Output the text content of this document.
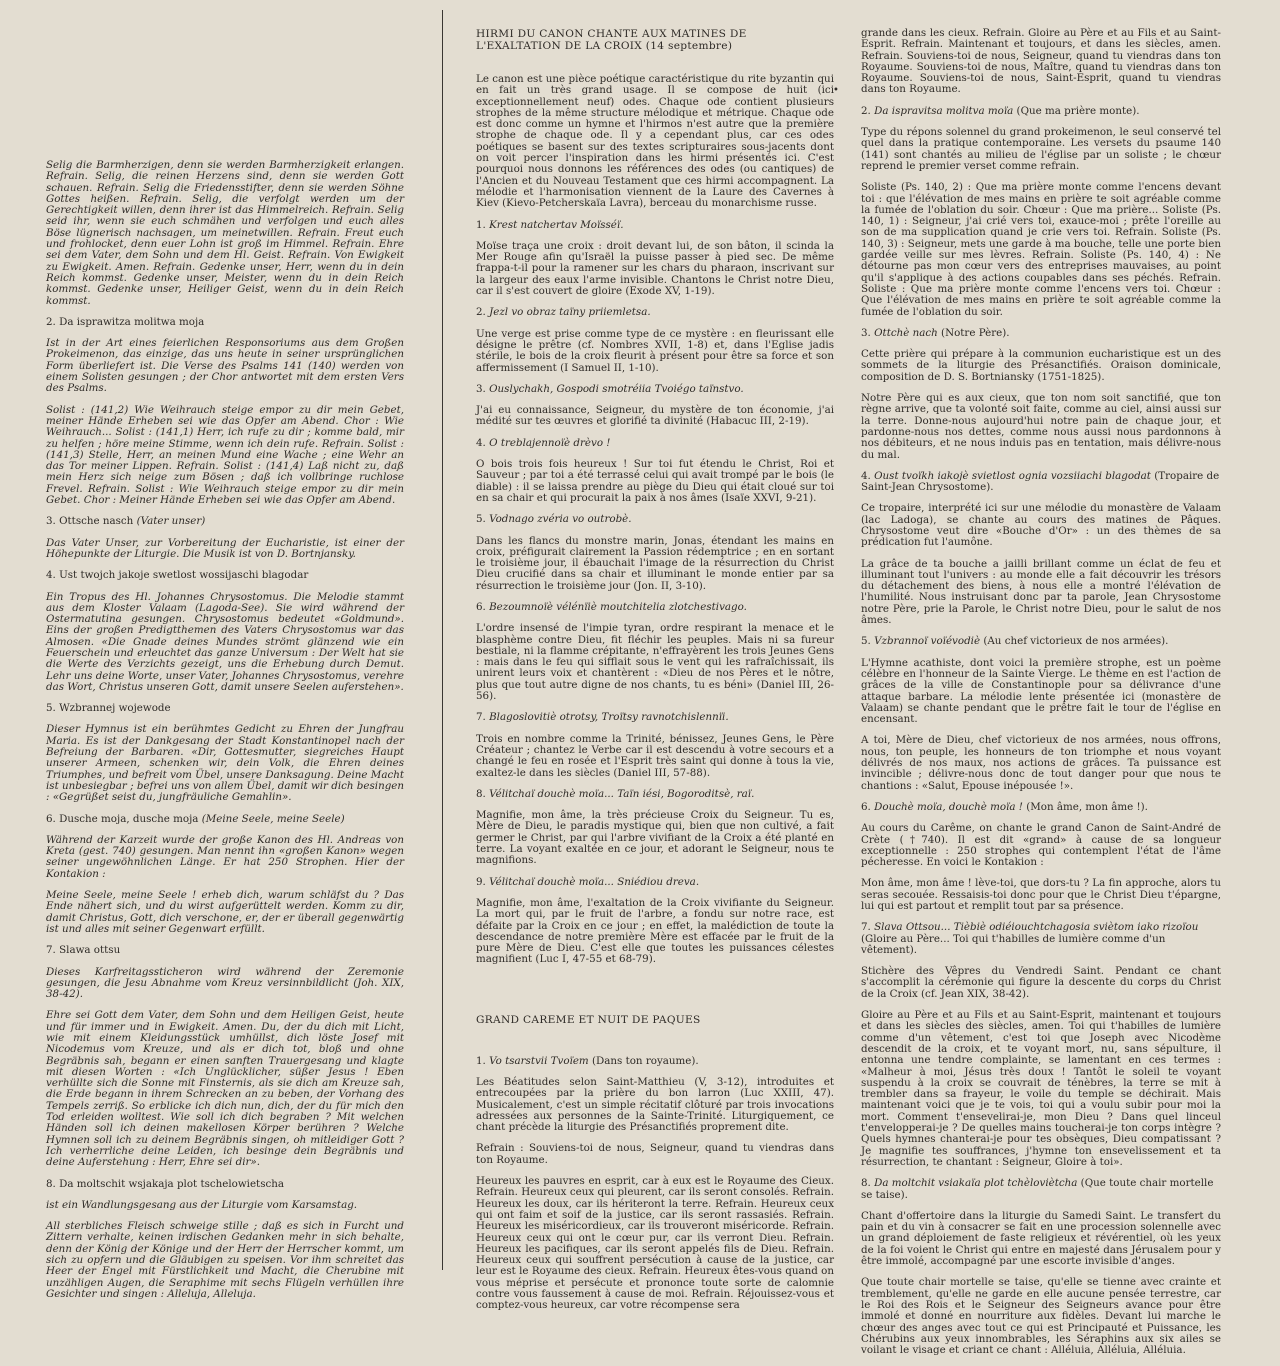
Selig die Barmherzigen, denn sie werden Barmherzigkeit erlangen. Refrain. Selig, die reinen Herzens sind, denn sie werden Gott schauen. Refrain. Selig die Friedensstifter, denn sie werden Söhne Gottes heißen. Refrain. Selig, die verfolgt werden um der Gerechtigkeit willen, denn ihrer ist das Himmelreich. Refrain. Selig seid ihr, wenn sie euch schmähen und verfolgen und euch alles Böse lügnerisch nachsagen, um meinetwillen. Refrain. Freut euch und frohlocket, denn euer Lohn ist groß im Himmel. Refrain. Ehre sei dem Vater, dem Sohn und dem Hl. Geist. Refrain. Von Ewigkeit zu Ewigkeit. Amen. Refrain. Gedenke unser, Herr, wenn du in dein Reich kommst. Gedenke unser, Meister, wenn du in dein Reich kommst. Gedenke unser, Heiliger Geist, wenn du in dein Reich kommst.

2. Da isprawitza molitwa moja

Ist in der Art eines feierlichen Responsoriums aus dem Großen Prokeimenon, das einzige, das uns heute in seiner ursprünglichen Form überliefert ist. Die Verse des Psalms 141 (140) werden von einem Solisten gesungen ; der Chor antwortet mit dem ersten Vers des Psalms.

Solist : (141,2) Wie Weihrauch steige empor zu dir mein Gebet, meiner Hände Erheben sei wie das Opfer am Abend. Chor : Wie Weihrauch... Solist : (141,1) Herr, ich rufe zu dir ; komme bald, mir zu helfen ; höre meine Stimme, wenn ich dein rufe. Refrain. Solist : (141,3) Stelle, Herr, an meinen Mund eine Wache ; eine Wehr an das Tor meiner Lippen. Refrain. Solist : (141,4) Laß nicht zu, daß mein Herz sich neige zum Bösen ; daß ich vollbringe ruchlose Frevel. Refrain. Solist : Wie Weihrauch steige empor zu dir mein Gebet. Chor : Meiner Hände Erheben sei wie das Opfer am Abend.

3. Ottsche nasch (Vater unser)

Das Vater Unser, zur Vorbereitung der Eucharistie, ist einer der Höhepunkte der Liturgie. Die Musik ist von D. Bortnjansky.

4. Ust twojch jakoje swetlost wossijaschi blagodar

Ein Tropus des Hl. Johannes Chrysostomus. Die Melodie stammt aus dem Kloster Valaam (Lagoda-See). Sie wird während der Ostermatutina gesungen. Chrysostomus bedeutet «Goldmund». Eins der großen Predigtthemen des Vaters Chrysostomus war das Almosen. «Die Gnade deines Mundes strömt glänzend wie ein Feuerschein und erleuchtet das ganze Universum : Der Welt hat sie die Werte des Verzichts gezeigt, uns die Erhebung durch Demut. Lehr uns deine Worte, unser Vater, Johannes Chrysostomus, verehre das Wort, Christus unseren Gott, damit unsere Seelen auferstehen».

5. Wzbrannej wojewode

Dieser Hymnus ist ein berühmtes Gedicht zu Ehren der Jungfrau Maria. Es ist der Dankgesang der Stadt Konstantinopel nach der Befreiung der Barbaren. «Dir, Gottesmutter, siegreiches Haupt unserer Armeen, schenken wir, dein Volk, die Ehren deines Triumphes, und befreit vom Übel, unsere Danksagung. Deine Macht ist unbesiegbar ; befrei uns von allem Übel, damit wir dich besingen : «Gegrüßet seist du, jungfräuliche Gemahlin».

6. Dusche moja, dusche moja (Meine Seele, meine Seele)

Während der Karzeit wurde der große Kanon des Hl. Andreas von Kreta (gest. 740) gesungen. Man nennt ihn «großen Kanon» wegen seiner ungewöhnlichen Länge. Er hat 250 Strophen. Hier der Kontakion :

Meine Seele, meine Seele ! erheb dich, warum schläfst du ? Das Ende nähert sich, und du wirst aufgerüttelt werden. Komm zu dir, damit Christus, Gott, dich verschone, er, der er überall gegenwärtig ist und alles mit seiner Gegenwart erfüllt.

7. Slawa ottsu

Dieses Karfreitagssticheron wird während der Zeremonie gesungen, die Jesu Abnahme vom Kreuz versinnbildlicht (Joh. XIX, 38-42).

Ehre sei Gott dem Vater, dem Sohn und dem Heiligen Geist, heute und für immer und in Ewigkeit. Amen. Du, der du dich mit Licht, wie mit einem Kleidungsstück umhüllst, dich löste Josef mit Nicodemus vom Kreuze, und als er dich tot, bloß und ohne Begräbnis sah, begann er einen sanften Trauergesang und klagte mit diesen Worten : «Ich Unglücklicher, süßer Jesus ! Eben verhüllte sich die Sonne mit Finsternis, als sie dich am Kreuze sah, die Erde begann in ihrem Schrecken an zu beben, der Vorhang des Tempels zerriß. So erblicke ich dich nun, dich, der du für mich den Tod erleiden wolltest. Wie soll ich dich begraben ? Mit welchen Händen soll ich deinen makellosen Körper berühren ? Welche Hymnen soll ich zu deinem Begräbnis singen, oh mitleidiger Gott ? Ich verherrliche deine Leiden, ich besinge dein Begräbnis und deine Auferstehung : Herr, Ehre sei dir».

8. Da moltschit wsjakaja plot tschelowietscha

ist ein Wandlungsgesang aus der Liturgie vom Karsamstag.

All sterbliches Fleisch schweige stille ; daß es sich in Furcht und Zittern verhalte, keinen irdischen Gedanken mehr in sich behalte, denn der König der Könige und der Herr der Herrscher kommt, um sich zu opfern und die Gläubigen zu speisen. Vor ihm schreitet das Heer der Engel mit Fürstlichkeit und Macht, die Cherubine mit unzähligen Augen, die Seraphime mit sechs Flügeln verhüllen ihre Gesichter und singen : Alleluja, Alleluja.

HIRMI DU CANON CHANTE AUX MATINES DE L'EXALTATION DE LA CROIX (14 septembre)

Le canon est une pièce poétique caractéristique du rite byzantin qui en fait un très grand usage. Il se compose de huit (ici exceptionnellement neuf) odes. Chaque ode contient plusieurs strophes de la même structure mélodique et métrique. Chaque ode est donc comme un hymne et l'hirmos n'est autre que la première strophe de chaque ode. Il y a cependant plus, car ces odes poétiques se basent sur des textes scripturaires sous-jacents dont on voit percer l'inspiration dans les hirmi présentés ici. C'est pourquoi nous donnons les références des odes (ou cantiques) de l'Ancien et du Nouveau Testament que ces hirmi accompagnent. La mélodie et l'harmonisation viennent de la Laure des Cavernes à Kiev (Kievo-Petcherskaïa Lavra), berceau du monarchisme russe.

1. Krest natchertav Moïsséï.

Moïse traça une croix : droit devant lui, de son bâton, il scinda la Mer Rouge afin qu'Israël la puisse passer à pied sec. De même frappa-t-il pour la ramener sur les chars du pharaon, inscrivant sur la largeur des eaux l'arme invisible. Chantons le Christ notre Dieu, car il s'est couvert de gloire (Exode XV, 1-19).

2. Jezl vo obraz taïny priiemletsa.

Une verge est prise comme type de ce mystère : en fleurissant elle désigne le prêtre (cf. Nombres XVII, 1-8) et, dans l'Eglise jadis stérile, le bois de la croix fleurit à présent pour être sa force et son affermissement (I Samuel II, 1-10).

3. Ouslychakh, Gospodi smotréiia Tvoiégo taïnstvo.

J'ai eu connaissance, Seigneur, du mystère de ton économie, j'ai médité sur tes œuvres et glorifié ta divinité (Habacuc III, 2-19).

4. O treblajennoïè drèvo !

O bois trois fois heureux ! Sur toi fut étendu le Christ, Roi et Sauveur ; par toi a été terrassé celui qui avait trompé par le bois (le diable) : il se laissa prendre au piège du Dieu qui était cloué sur toi en sa chair et qui procurait la paix à nos âmes (Isaïe XXVI, 9-21).

5. Vodnago zvéria vo outrobè.

Dans les flancs du monstre marin, Jonas, étendant les mains en croix, préfigurait clairement la Passion rédemptrice ; en en sortant le troisième jour, il ébauchait l'image de la résurrection du Christ Dieu crucifié dans sa chair et illuminant le monde entier par sa résurrection le troisième jour (Jon. II, 3-10).

6. Bezoumnoïè vélénïiè moutchitelia zlotchestivago.

L'ordre insensé de l'impie tyran, ordre respirant la menace et le blasphème contre Dieu, fit fléchir les peuples. Mais ni sa fureur bestiale, ni la flamme crépitante, n'effrayèrent les trois Jeunes Gens : mais dans le feu qui sifflait sous le vent qui les rafraîchissait, ils unirent leurs voix et chantèrent : «Dieu de nos Pères et le nôtre, plus que tout autre digne de nos chants, tu es béni» (Daniel III, 26-56).

7. Blagoslovitiè otrotsy, Troïtsy ravnotchislennïi.

Trois en nombre comme la Trinité, bénissez, Jeunes Gens, le Père Créateur ; chantez le Verbe car il est descendu à votre secours et a changé le feu en rosée et l'Esprit très saint qui donne à tous la vie, exaltez-le dans les siècles (Daniel III, 57-88).

8. Vélitchaï douchè moïa... Taïn iési, Bogoroditsè, raï.

Magnifie, mon âme, la très précieuse Croix du Seigneur. Tu es, Mère de Dieu, le paradis mystique qui, bien que non cultivé, a fait germer le Christ, par qui l'arbre vivifiant de la Croix a été planté en terre. La voyant exaltée en ce jour, et adorant le Seigneur, nous te magnifions.

9. Vélitchaï douchè moïa... Sniédiou dreva.

Magnifie, mon âme, l'exaltation de la Croix vivifiante du Seigneur. La mort qui, par le fruit de l'arbre, a fondu sur notre race, est défaite par la Croix en ce jour ; en effet, la malédiction de toute la descendance de notre première Mère est effacée par le fruit de la pure Mère de Dieu. C'est elle que toutes les puissances célestes magnifient (Luc I, 47-55 et 68-79).

GRAND CAREME ET NUIT DE PAQUES
1. Vo tsarstvii Tvoïem (Dans ton royaume).

Les Béatitudes selon Saint-Matthieu (V, 3-12), introduites et entrecoupées par la prière du bon larron (Luc XXIII, 47). Musicalement, c'est un simple récitatif clôturé par trois invocations adressées aux personnes de la Sainte-Trinité. Liturgiquement, ce chant précède la liturgie des Présanctifiés proprement dite.

Refrain : Souviens-toi de nous, Seigneur, quand tu viendras dans ton Royaume.

Heureux les pauvres en esprit, car à eux est le Royaume des Cieux. Refrain. Heureux ceux qui pleurent, car ils seront consolés. Refrain. Heureux les doux, car ils hériteront la terre. Refrain. Heureux ceux qui ont faim et soif de la justice, car ils seront rassasiés. Refrain. Heureux les miséricordieux, car ils trouveront miséricorde. Refrain. Heureux ceux qui ont le cœur pur, car ils verront Dieu. Refrain. Heureux les pacifiques, car ils seront appelés fils de Dieu. Refrain. Heureux ceux qui souffrent persécution à cause de la justice, car leur est le Royaume des cieux. Refrain. Heureux êtes-vous quand on vous méprise et persécute et prononce toute sorte de calomnie contre vous faussement à cause de moi. Refrain. Réjouissez-vous et comptez-vous heureux, car votre récompense sera

•

grande dans les cieux. Refrain. Gloire au Père et au Fils et au Saint-Esprit. Refrain. Maintenant et toujours, et dans les siècles, amen. Refrain. Souviens-toi de nous, Seigneur, quand tu viendras dans ton Royaume. Souviens-toi de nous, Maître, quand tu viendras dans ton Royaume. Souviens-toi de nous, Saint-Esprit, quand tu viendras dans ton Royaume.

2. Da ispravitsa molitva moïa (Que ma prière monte).

Type du répons solennel du grand prokeimenon, le seul conservé tel quel dans la pratique contemporaine. Les versets du psaume 140 (141) sont chantés au milieu de l'église par un soliste ; le chœur reprend le premier verset comme refrain.

Soliste (Ps. 140, 2) : Que ma prière monte comme l'encens devant toi : que l'élévation de mes mains en prière te soit agréable comme la fumée de l'oblation du soir. Chœur : Que ma prière... Soliste (Ps. 140, 1) : Seigneur, j'ai crié vers toi, exauce-moi ; prête l'oreille au son de ma supplication quand je crie vers toi. Refrain. Soliste (Ps. 140, 3) : Seigneur, mets une garde à ma bouche, telle une porte bien gardée veille sur mes lèvres. Refrain. Soliste (Ps. 140, 4) : Ne détourne pas mon cœur vers des entreprises mauvaises, au point qu'il s'applique à des actions coupables dans ses péchés. Refrain. Soliste : Que ma prière monte comme l'encens vers toi. Chœur : Que l'élévation de mes mains en prière te soit agréable comme la fumée de l'oblation du soir.

3. Ottchè nach (Notre Père).

Cette prière qui prépare à la communion eucharistique est un des sommets de la liturgie des Présanctifiés. Oraison dominicale, composition de D. S. Bortniansky (1751-1825).

Notre Père qui es aux cieux, que ton nom soit sanctifié, que ton règne arrive, que ta volonté soit faite, comme au ciel, ainsi aussi sur la terre. Donne-nous aujourd'hui notre pain de chaque jour, et pardonne-nous nos dettes, comme nous aussi nous pardonnons à nos débiteurs, et ne nous induis pas en tentation, mais délivre-nous du mal.

4. Oust tvoïkh iakojè svietlost ognia vozsiiachi blagodat (Tropaire de Saint-Jean Chrysostome).

Ce tropaire, interprété ici sur une mélodie du monastère de Valaam (lac Ladoga), se chante au cours des matines de Pâques. Chrysostome veut dire «Bouche d'Or» : un des thèmes de sa prédication fut l'aumône.

La grâce de ta bouche a jailli brillant comme un éclat de feu et illuminant tout l'univers : au monde elle a fait découvrir les trésors du détachement des biens, à nous elle a montré l'élévation de l'humilité. Nous instruisant donc par ta parole, Jean Chrysostome notre Père, prie la Parole, le Christ notre Dieu, pour le salut de nos âmes.

5. Vzbrannoï voïévodiè (Au chef victorieux de nos armées).

L'Hymne acathiste, dont voici la première strophe, est un poème célèbre en l'honneur de la Sainte Vierge. Le thème en est l'action de grâces de la ville de Constantinople pour sa délivrance d'une attaque barbare. La mélodie lente présentée ici (monastère de Valaam) se chante pendant que le prêtre fait le tour de l'église en encensant.

A toi, Mère de Dieu, chef victorieux de nos armées, nous offrons, nous, ton peuple, les honneurs de ton triomphe et nous voyant délivrés de nos maux, nos actions de grâces. Ta puissance est invincible ; délivre-nous donc de tout danger pour que nous te chantions : «Salut, Epouse inépousée !».

6. Douchè moïa, douchè moïa ! (Mon âme, mon âme !).

Au cours du Carême, on chante le grand Canon de Saint-André de Crète (†740). Il est dit «grand» à cause de sa longueur exceptionnelle : 250 strophes qui contemplent l'état de l'âme pécheresse. En voici le Kontakion :

Mon âme, mon âme ! lève-toi, que dors-tu ? La fin approche, alors tu seras secouée. Ressaisis-toi donc pour que le Christ Dieu t'épargne, lui qui est partout et remplit tout par sa présence.

7. Slava Ottsou... Tièbiè odiéiouchtchagosia sviètom iako rizoïou (Gloire au Père... Toi qui t'habilles de lumière comme d'un vêtement).

Stichère des Vêpres du Vendredi Saint. Pendant ce chant s'accomplit la cérémonie qui figure la descente du corps du Christ de la Croix (cf. Jean XIX, 38-42).

Gloire au Père et au Fils et au Saint-Esprit, maintenant et toujours et dans les siècles des siècles, amen. Toi qui t'habilles de lumière comme d'un vêtement, c'est toi que Joseph avec Nicodème descendit de la croix, et te voyant mort, nu, sans sépulture, il entonna une tendre complainte, se lamentant en ces termes : «Malheur à moi, Jésus très doux ! Tantôt le soleil te voyant suspendu à la croix se couvrait de ténèbres, la terre se mit à trembler dans sa frayeur, le voile du temple se déchirait. Mais maintenant voici que je te vois, toi qui a voulu subir pour moi la mort. Comment t'ensevelirai-je, mon Dieu ? Dans quel linceul t'envelopperai-je ? De quelles mains toucherai-je ton corps intègre ? Quels hymnes chanterai-je pour tes obsèques, Dieu compatissant ? Je magnifie tes souffrances, j'hymne ton ensevelissement et ta résurrection, te chantant : Seigneur, Gloire à toi».

8. Da moltchit vsiakaïa plot tchèloviètcha (Que toute chair mortelle se taise).

Chant d'offertoire dans la liturgie du Samedi Saint. Le transfert du pain et du vin à consacrer se fait en une procession solennelle avec un grand déploiement de faste religieux et révérentiel, où les yeux de la foi voient le Christ qui entre en majesté dans Jérusalem pour y être immolé, accompagné par une escorte invisible d'anges.

Que toute chair mortelle se taise, qu'elle se tienne avec crainte et tremblement, qu'elle ne garde en elle aucune pensée terrestre, car le Roi des Rois et le Seigneur des Seigneurs avance pour être immolé et donné en nourriture aux fidèles. Devant lui marche le chœur des anges avec tout ce qui est Principauté et Puissance, les Chérubins aux yeux innombrables, les Séraphins aux six ailes se voilant le visage et criant ce chant : Alléluia, Alléluia, Alléluia.
